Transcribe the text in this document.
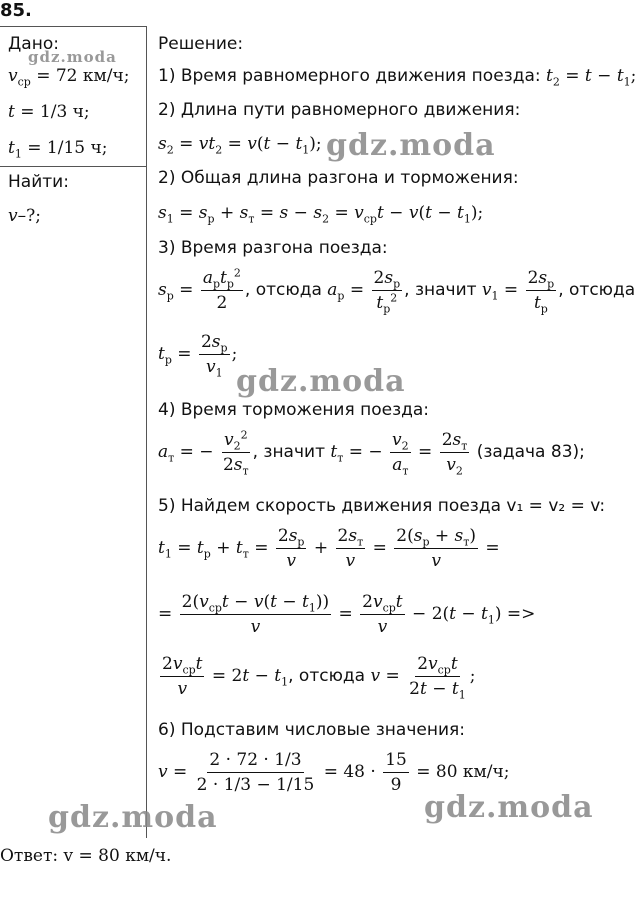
85.
Дано:
$v_{ср} = 72$ км/ч;
t = 1/3 ч;
$t_1 = 1/15$ ч;
Найти:
v–?;
Решение:
1) Время равномерного движения поезда: $t_2 = t - t_1$;
2) Длина пути равномерного движения:
$s_2 = vt_2 = v(t - t_1)$;
2) Общая длина разгона и торможения:
$s_1 = s_р + s_т = s - s_2 = v_{ср}t - v(t - t_1)$;
3) Время разгона поезда:
$s_р = \frac{a_рt_р^2}{2}$ , отсюда $a_р = \frac{2s_р}{t_р^2}$ , значит $v_1 = \frac{2s_р}{t_р}$ , отсюда
$t_р = \frac{2s_р}{v_1}$ ;
4) Время торможения поезда:
$a_т$ = − $\frac{v_2^2}{2s_т}$ , значит $t_т$ = − $\frac{v_2}{a_т} = \frac{2s_т}{v_2}$ (задача 83);
5) Найдем скорость движения поезда v₁ = v₂ = v:
$t_1 = t_р + t_т = \frac{2s_р}{v} + \frac{2s_т}{v} = \frac{2(s_р + s_т)}{v}$ =
= $\frac{2(v_{ср}t - v(t - t_1))}{v} = \frac{2v_{ср}t}{v} - 2(t - t_1)$ =>
$\frac{2v_{ср}t}{v} = 2t - t_1$, отсюда $v = \frac{2v_{ср}t}{2t - t_1}$ ;
6) Подставим числовые значения:
$v = \frac{2 \cdot 72 \cdot 1/3}{2 \cdot 1/3 - 1/15} = 48 \cdot \frac{15}{9} = 80$ км/ч;
Ответ: v = 80 км/ч.
gdz.moda
gdz.moda
gdz.moda
gdz.moda	gdz.moda
